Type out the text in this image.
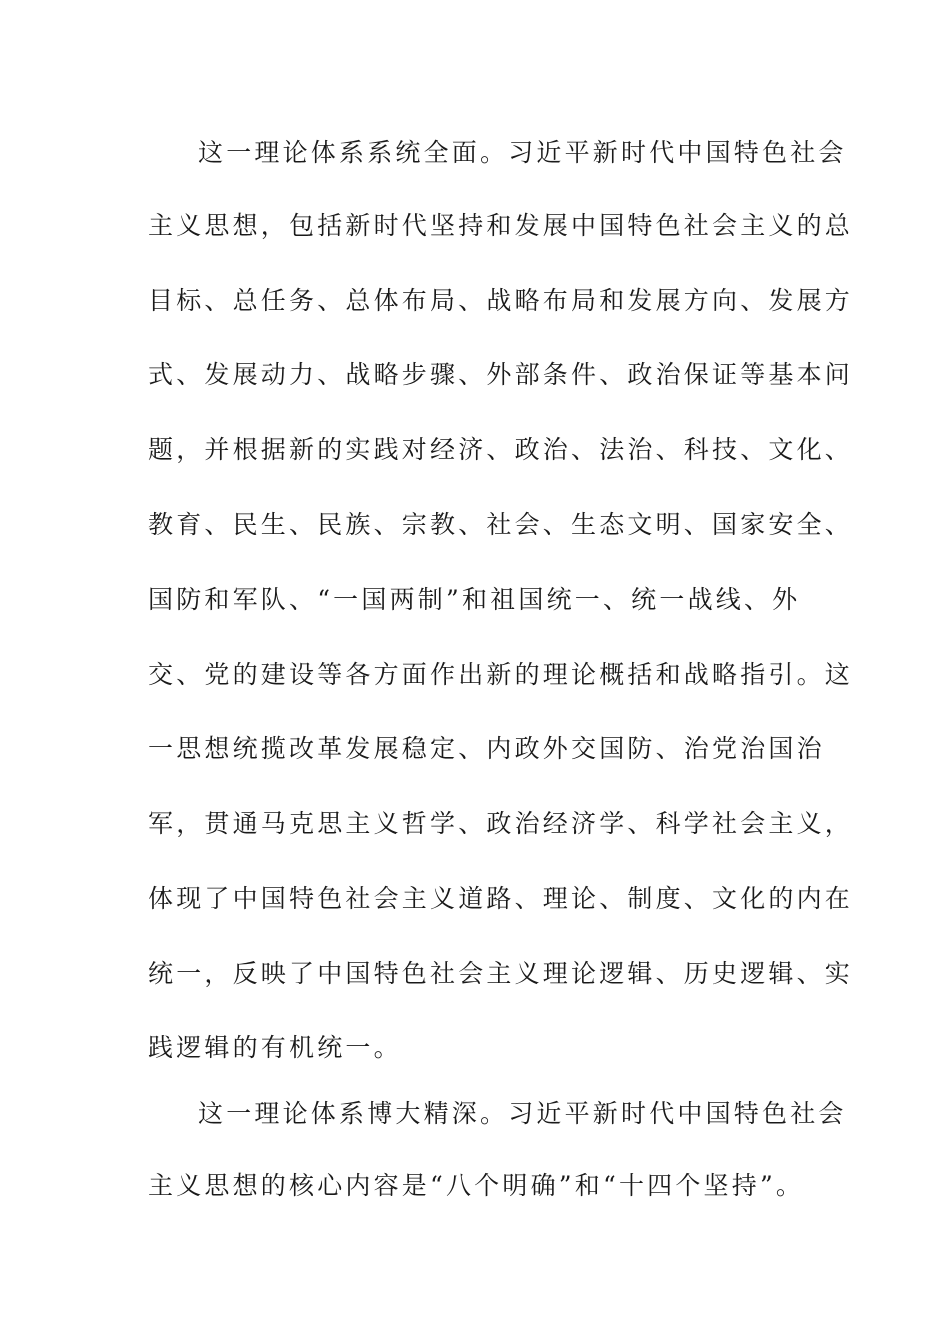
这一理论体系系统全面。习近平新时代中国特色社会
主义思想，包括新时代坚持和发展中国特色社会主义的总
目标、总任务、总体布局、战略布局和发展方向、发展方
式、发展动力、战略步骤、外部条件、政治保证等基本问
题，并根据新的实践对经济、政治、法治、科技、文化、
教育、民生、民族、宗教、社会、生态文明、国家安全、
国防和军队、“一国两制”和祖国统一、统一战线、外
交、党的建设等各方面作出新的理论概括和战略指引。这
一思想统揽改革发展稳定、内政外交国防、治党治国治
军，贯通马克思主义哲学、政治经济学、科学社会主义，
体现了中国特色社会主义道路、理论、制度、文化的内在
统一，反映了中国特色社会主义理论逻辑、历史逻辑、实
践逻辑的有机统一。
这一理论体系博大精深。习近平新时代中国特色社会
主义思想的核心内容是“八个明确”和“十四个坚持”。
